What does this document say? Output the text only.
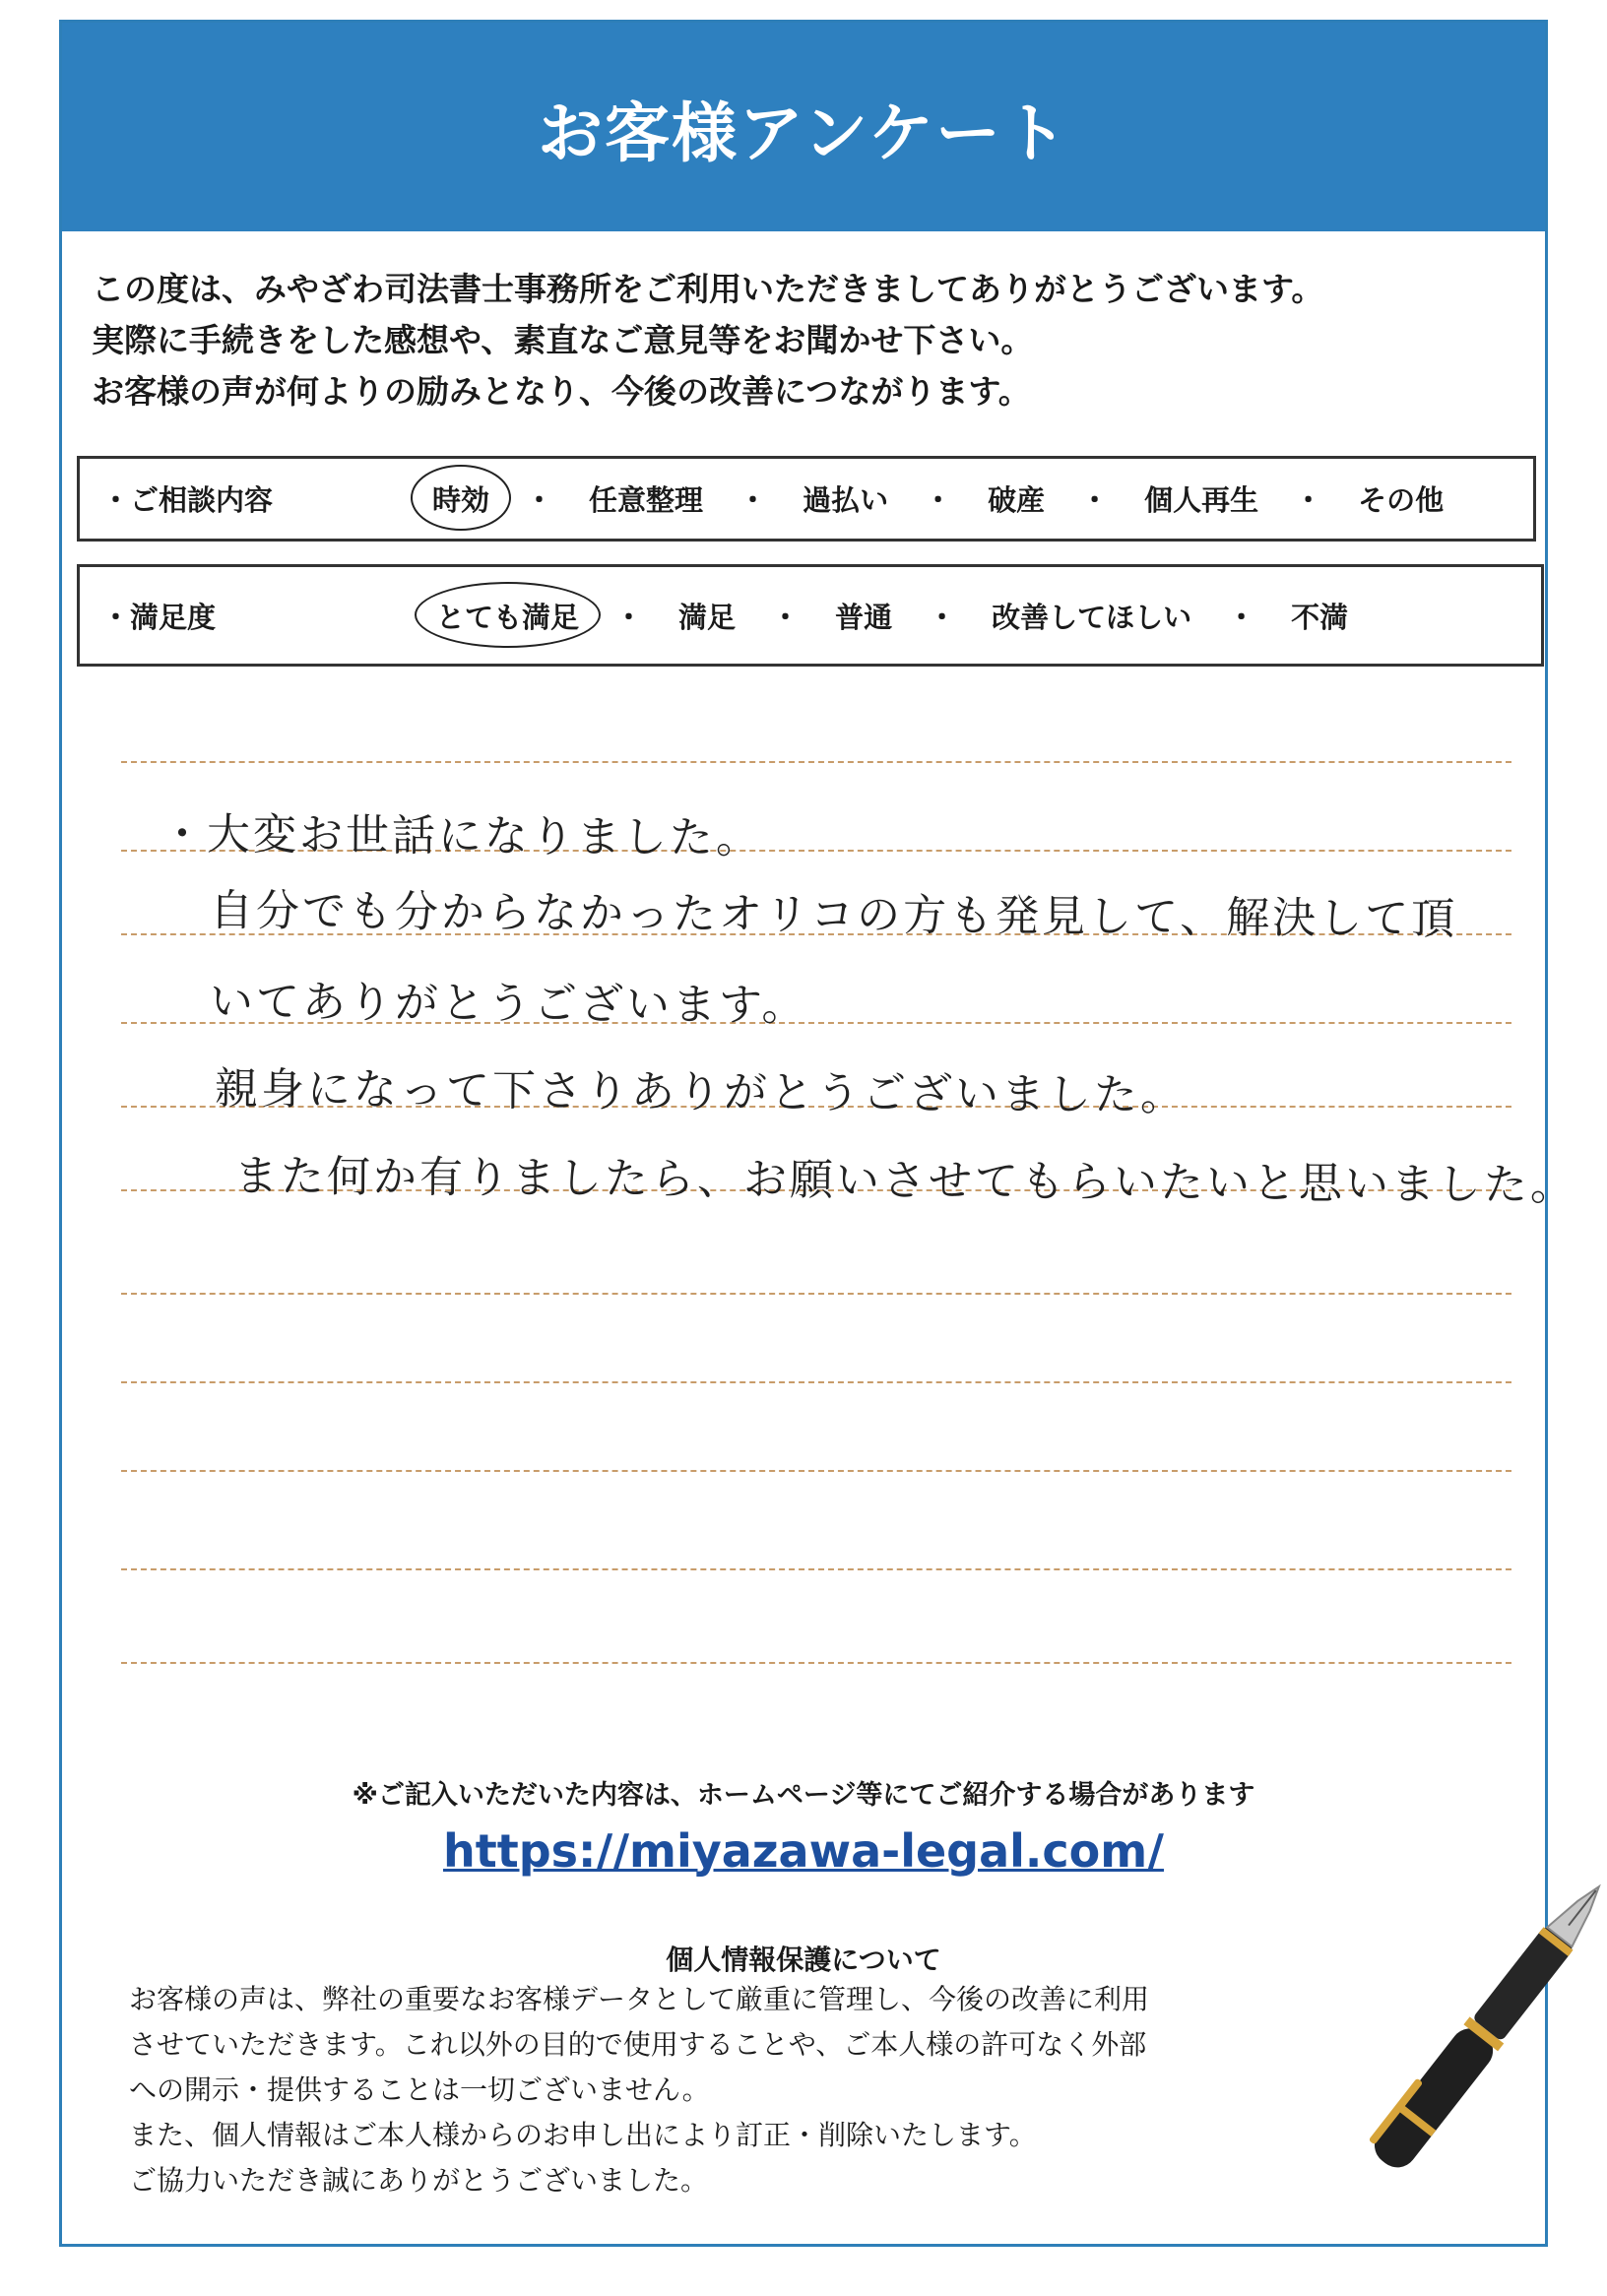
お客様アンケート

この度は、みやざわ司法書士事務所をご利用いただきましてありがとうございます。

実際に手続きをした感想や、素直なご意見等をお聞かせ下さい。

お客様の声が何よりの励みとなり、今後の改善につながります。

・ご相談内容	時効	・	任意整理	・	過払い	・	破産	・	個人再生	・	その他
・満足度	とても満足	・	満足	・	普通	・	改善してほしい	・	不満
・大変お世話になりました。
自分でも分からなかったオリコの方も発見して、解決して頂
いてありがとうございます。
親身になって下さりありがとうございました。
また何か有りましたら、お願いさせてもらいたいと思いました。
※ご記入いただいた内容は、ホームページ等にてご紹介する場合があります
https://miyazawa-legal.com/
個人情報保護について

お客様の声は、弊社の重要なお客様データとして厳重に管理し、今後の改善に利用

させていただきます。これ以外の目的で使用することや、ご本人様の許可なく外部

への開示・提供することは一切ございません。

また、個人情報はご本人様からのお申し出により訂正・削除いたします。

ご協力いただき誠にありがとうございました。
